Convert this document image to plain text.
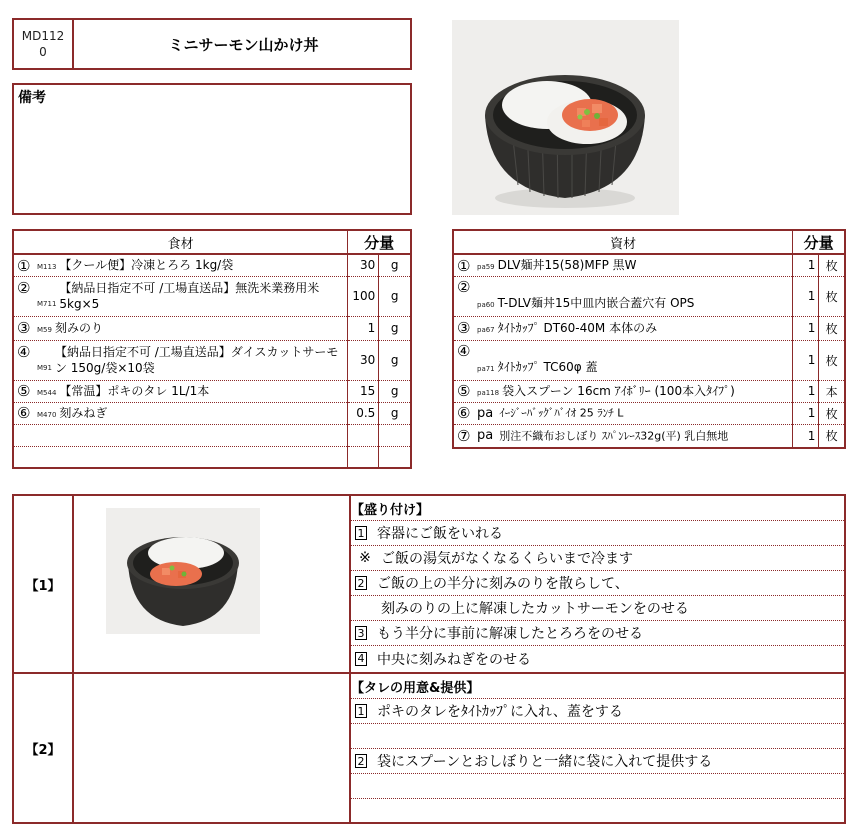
MD112
0	ミニサーモン山かけ丼
備考
食材	分量	
① M113 【クール便】冷凍とろろ 1kg/袋	30	g

②
M711
【納品日指定不可 /工場直送品】無洗米業務用米5kg×5	100	g
③ M59 刻みのり	1	g

④
M91
【納品日指定不可 /工場直送品】ダイスカットサーモン 150g/袋×10袋	30	g
⑤ M544 【常温】ポキのタレ 1L/1本	15	g
⑥ M470 刻みねぎ	0.5	g

資材	分量	
① pa59 DLV麺丼15(58)MFP 黒W	1	枚

②
pa60 T-DLV麺丼15中皿内嵌合蓋穴有 OPS	1	枚
③ pa67 ﾀｲﾄｶｯﾌﾟ DT60-40M 本体のみ	1	枚

④
pa71 ﾀｲﾄｶｯﾌﾟ TC60φ 蓋	1	枚
⑤ pa118 袋入スプーン 16cm ｱｲﾎﾞﾘｰ (100本入ﾀｲﾌﾟ)	1	本
⑥ pa ｲｰｼﾞｰﾊﾞｯｸﾞﾊﾞｲｵ 25 ﾗﾝﾁ L	1	枚
⑦ pa 別注不織布おしぼり ｽﾊﾟﾝﾚｰｽ32g(平) 乳白無地	1	枚
【1】
【盛り付け】
1 容器にご飯をいれる
※ ご飯の湯気がなくなるくらいまで冷ます
2 ご飯の上の半分に刻みのりを散らして、
刻みのりの上に解凍したカットサーモンをのせる
3 もう半分に事前に解凍したとろろをのせる
4 中央に刻みねぎをのせる
【2】
【タレの用意&提供】
1 ポキのタレをﾀｲﾄｶｯﾌﾟに入れ、蓋をする
2 袋にスプーンとおしぼりと一緒に袋に入れて提供する
